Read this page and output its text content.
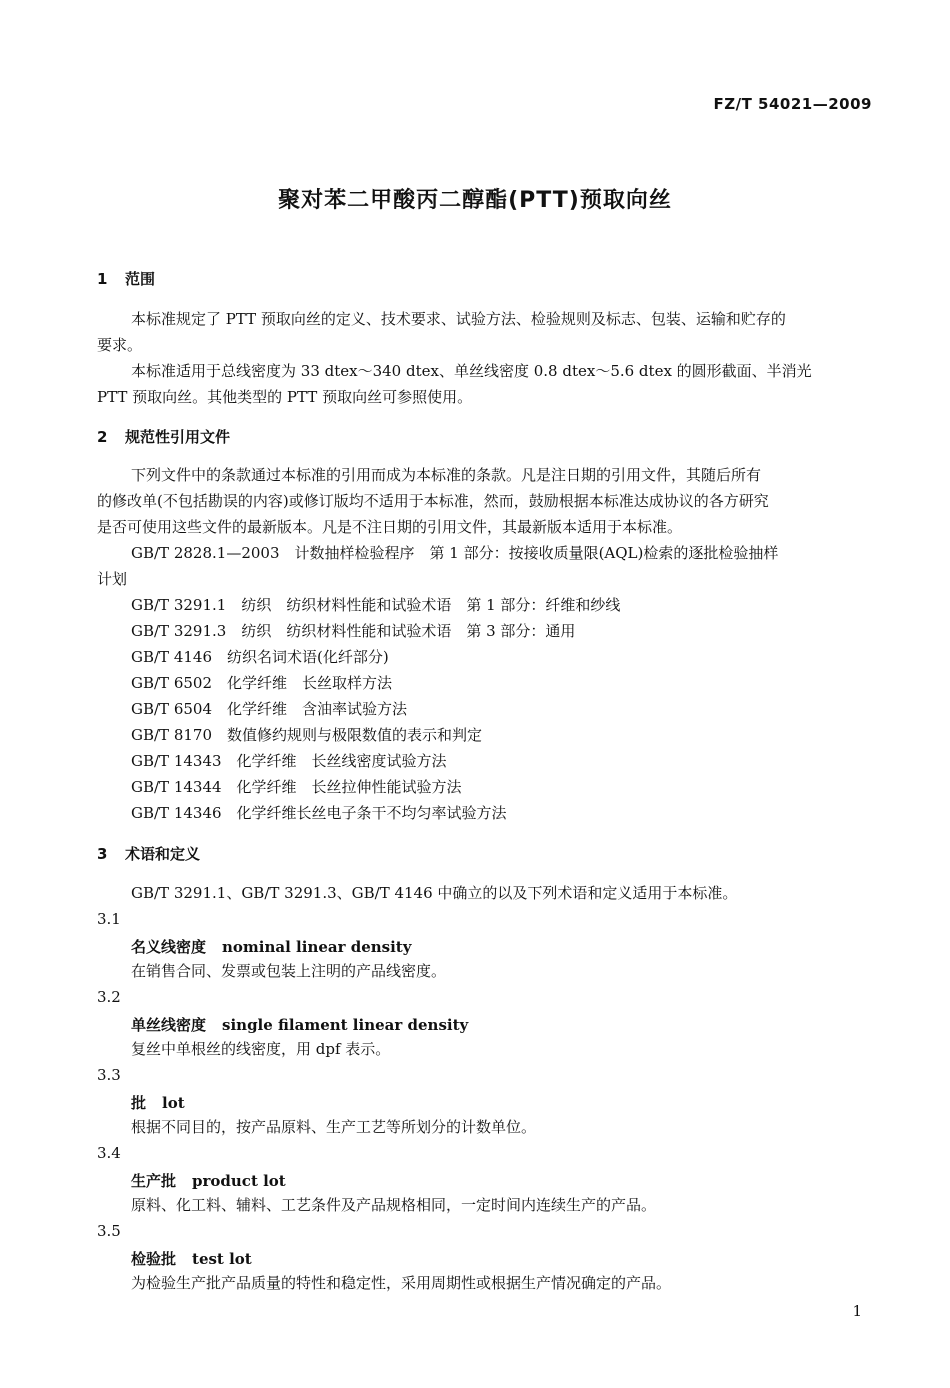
FZ/T 54021—2009
聚对苯二甲酸丙二醇酯(PTT)预取向丝
1 范围
本标准规定了 PTT 预取向丝的定义、技术要求、试验方法、检验规则及标志、包装、运输和贮存的
要求。
本标准适用于总线密度为 33 dtex～340 dtex、单丝线密度 0.8 dtex～5.6 dtex 的圆形截面、半消光
PTT 预取向丝。其他类型的 PTT 预取向丝可参照使用。
2 规范性引用文件
下列文件中的条款通过本标准的引用而成为本标准的条款。凡是注日期的引用文件，其随后所有
的修改单(不包括勘误的内容)或修订版均不适用于本标准，然而，鼓励根据本标准达成协议的各方研究
是否可使用这些文件的最新版本。凡是不注日期的引用文件，其最新版本适用于本标准。
GB/T 2828.1—2003　计数抽样检验程序　第 1 部分：按接收质量限(AQL)检索的逐批检验抽样
计划
GB/T 3291.1　纺织　纺织材料性能和试验术语　第 1 部分：纤维和纱线
GB/T 3291.3　纺织　纺织材料性能和试验术语　第 3 部分：通用
GB/T 4146　纺织名词术语(化纤部分)
GB/T 6502　化学纤维　长丝取样方法
GB/T 6504　化学纤维　含油率试验方法
GB/T 8170　数值修约规则与极限数值的表示和判定
GB/T 14343　化学纤维　长丝线密度试验方法
GB/T 14344　化学纤维　长丝拉伸性能试验方法
GB/T 14346　化学纤维长丝电子条干不均匀率试验方法
3 术语和定义
GB/T 3291.1、GB/T 3291.3、GB/T 4146 中确立的以及下列术语和定义适用于本标准。
3.1
名义线密度 nominal linear density
在销售合同、发票或包装上注明的产品线密度。
3.2
单丝线密度 single filament linear density
复丝中单根丝的线密度，用 dpf 表示。
3.3
批 lot
根据不同目的，按产品原料、生产工艺等所划分的计数单位。
3.4
生产批 product lot
原料、化工料、辅料、工艺条件及产品规格相同，一定时间内连续生产的产品。
3.5
检验批 test lot
为检验生产批产品质量的特性和稳定性，采用周期性或根据生产情况确定的产品。
1
